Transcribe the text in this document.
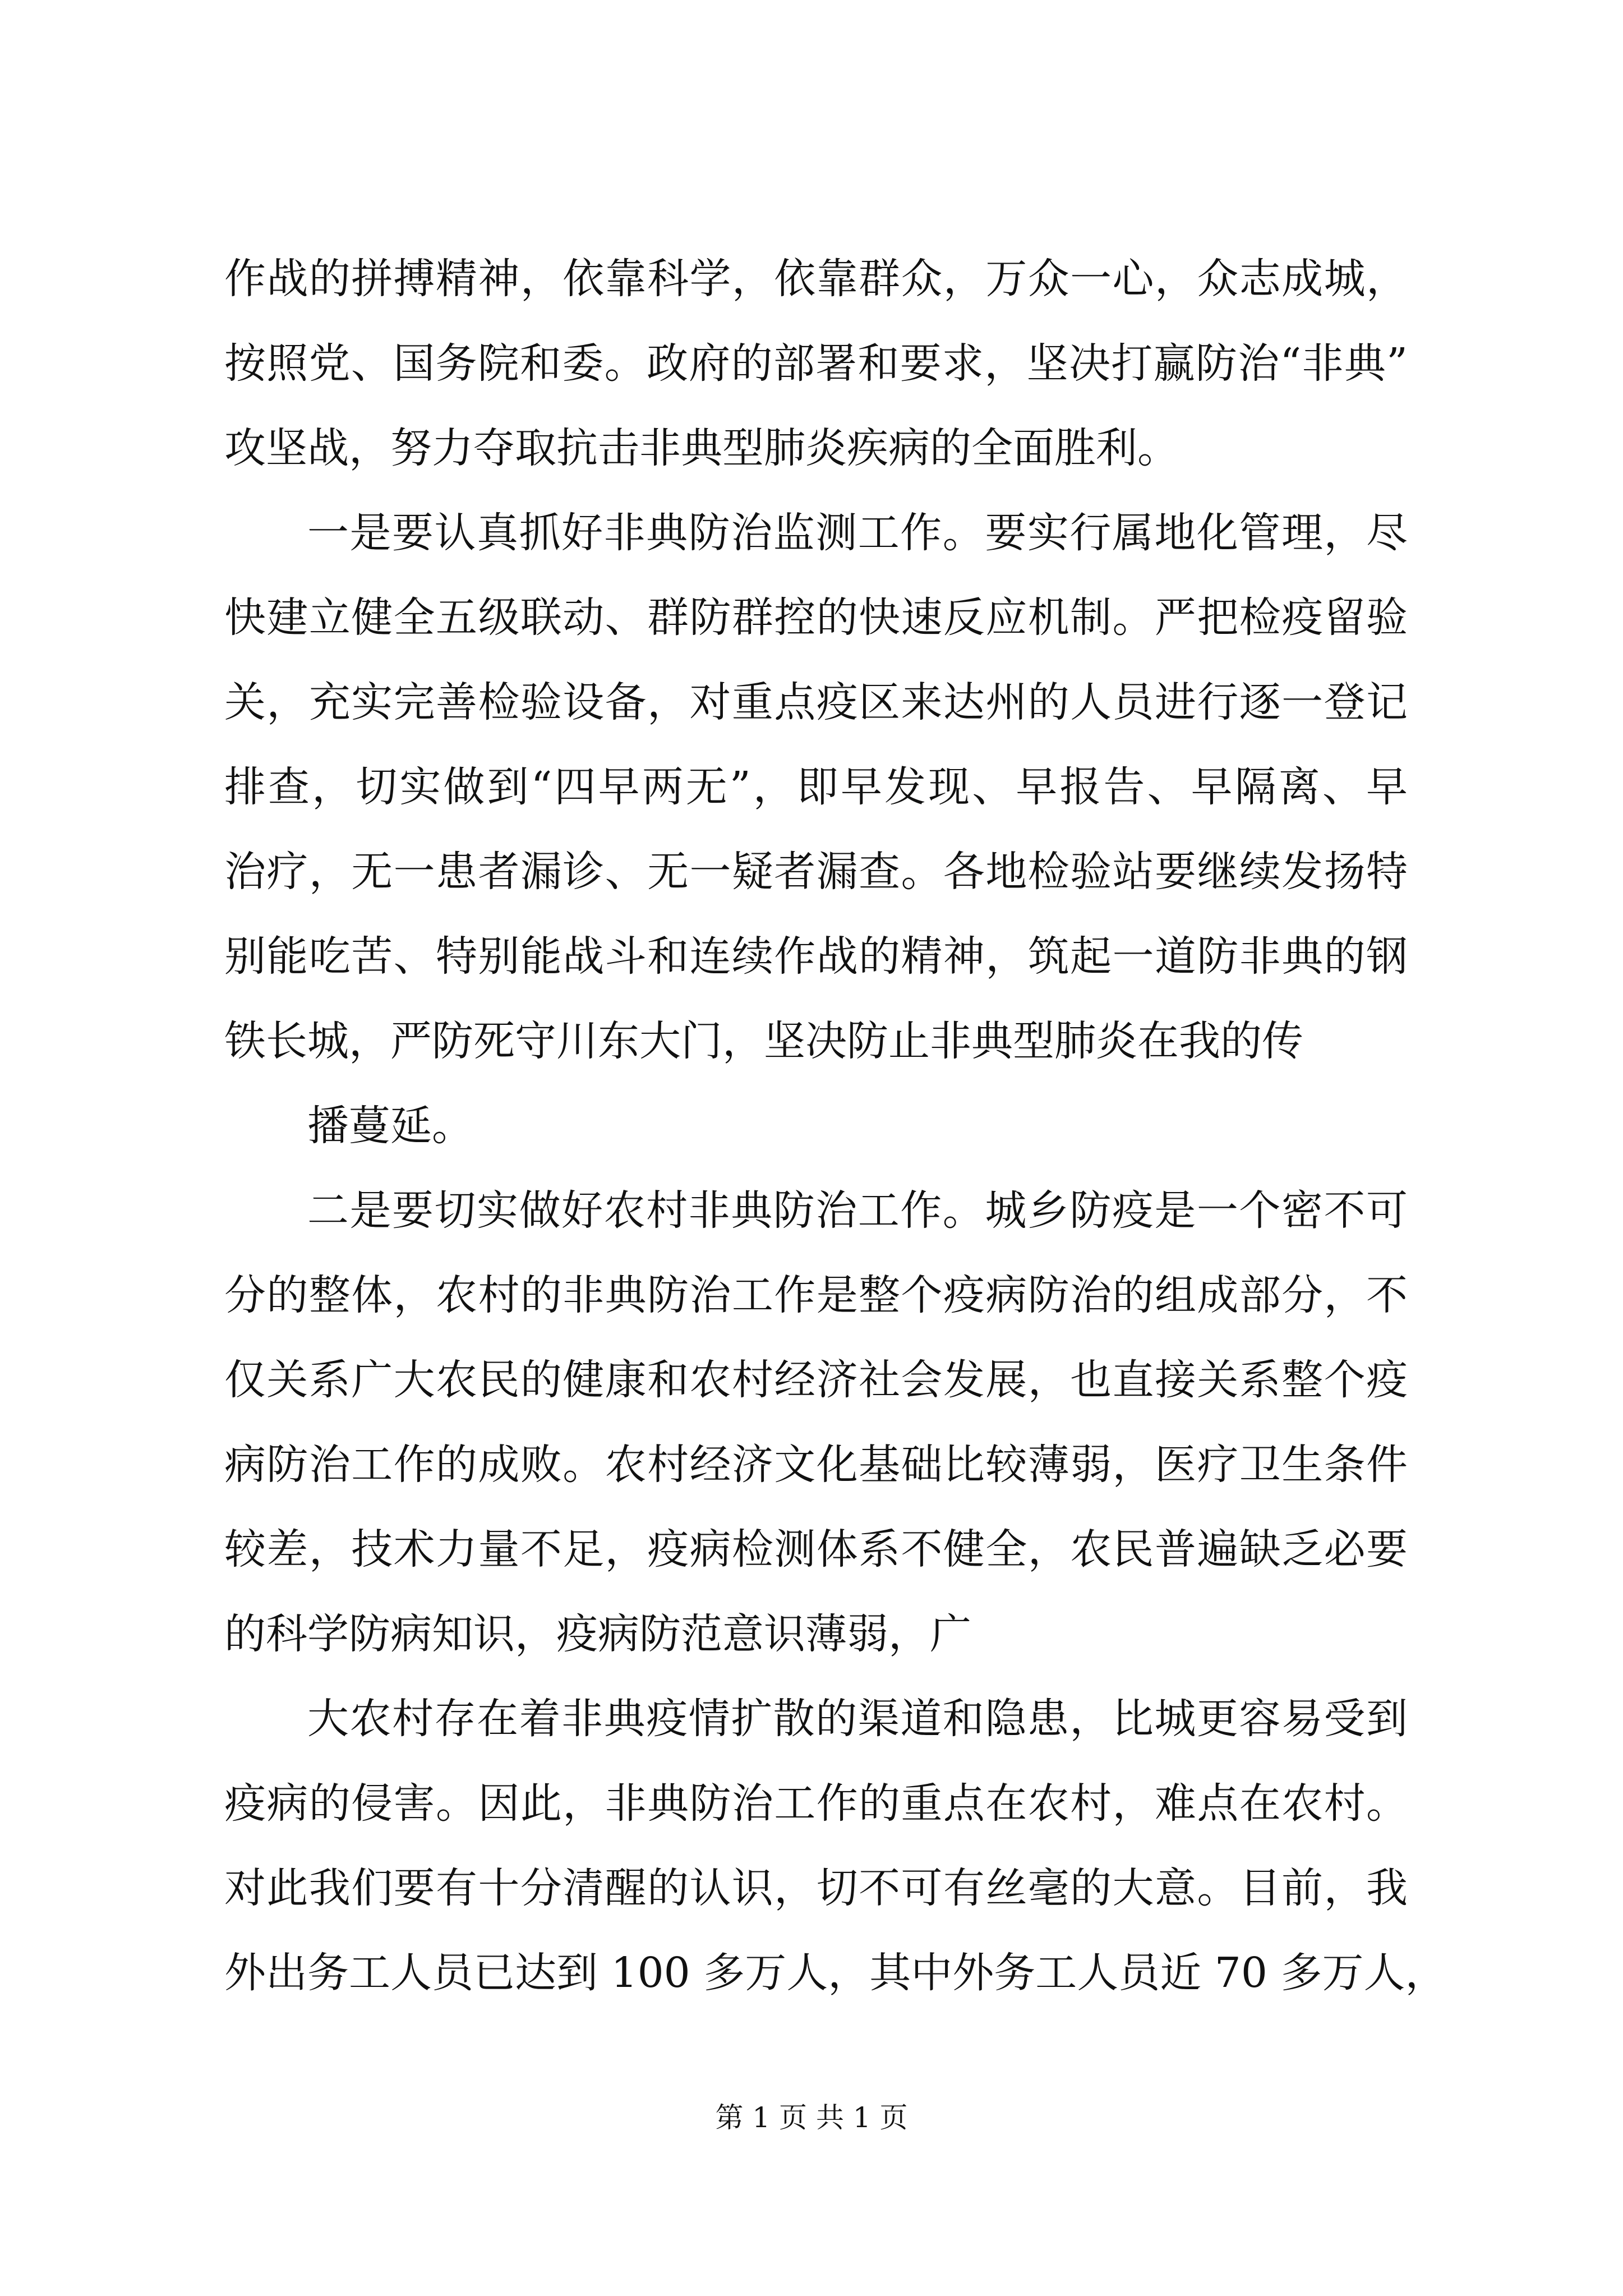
作战的拼搏精神，依靠科学，依靠群众，万众一心，众志成城，
按照党、国务院和委。政府的部署和要求，坚决打赢防治“非典”
攻坚战，努力夺取抗击非典型肺炎疾病的全面胜利。
一是要认真抓好非典防治监测工作。要实行属地化管理，尽
快建立健全五级联动、群防群控的快速反应机制。严把检疫留验
关，充实完善检验设备，对重点疫区来达州的人员进行逐一登记
排查，切实做到“四早两无”，即早发现、早报告、早隔离、早
治疗，无一患者漏诊、无一疑者漏查。各地检验站要继续发扬特
别能吃苦、特别能战斗和连续作战的精神，筑起一道防非典的钢
铁长城，严防死守川东大门，坚决防止非典型肺炎在我的传
播蔓延。
二是要切实做好农村非典防治工作。城乡防疫是一个密不可
分的整体，农村的非典防治工作是整个疫病防治的组成部分，不
仅关系广大农民的健康和农村经济社会发展，也直接关系整个疫
病防治工作的成败。农村经济文化基础比较薄弱，医疗卫生条件
较差，技术力量不足，疫病检测体系不健全，农民普遍缺乏必要
的科学防病知识，疫病防范意识薄弱，广
大农村存在着非典疫情扩散的渠道和隐患，比城更容易受到
疫病的侵害。因此，非典防治工作的重点在农村，难点在农村。
对此我们要有十分清醒的认识，切不可有丝毫的大意。目前，我
外出务工人员已达到 100 多万人，其中外务工人员近 70 多万人，
第 1 页 共 1 页
